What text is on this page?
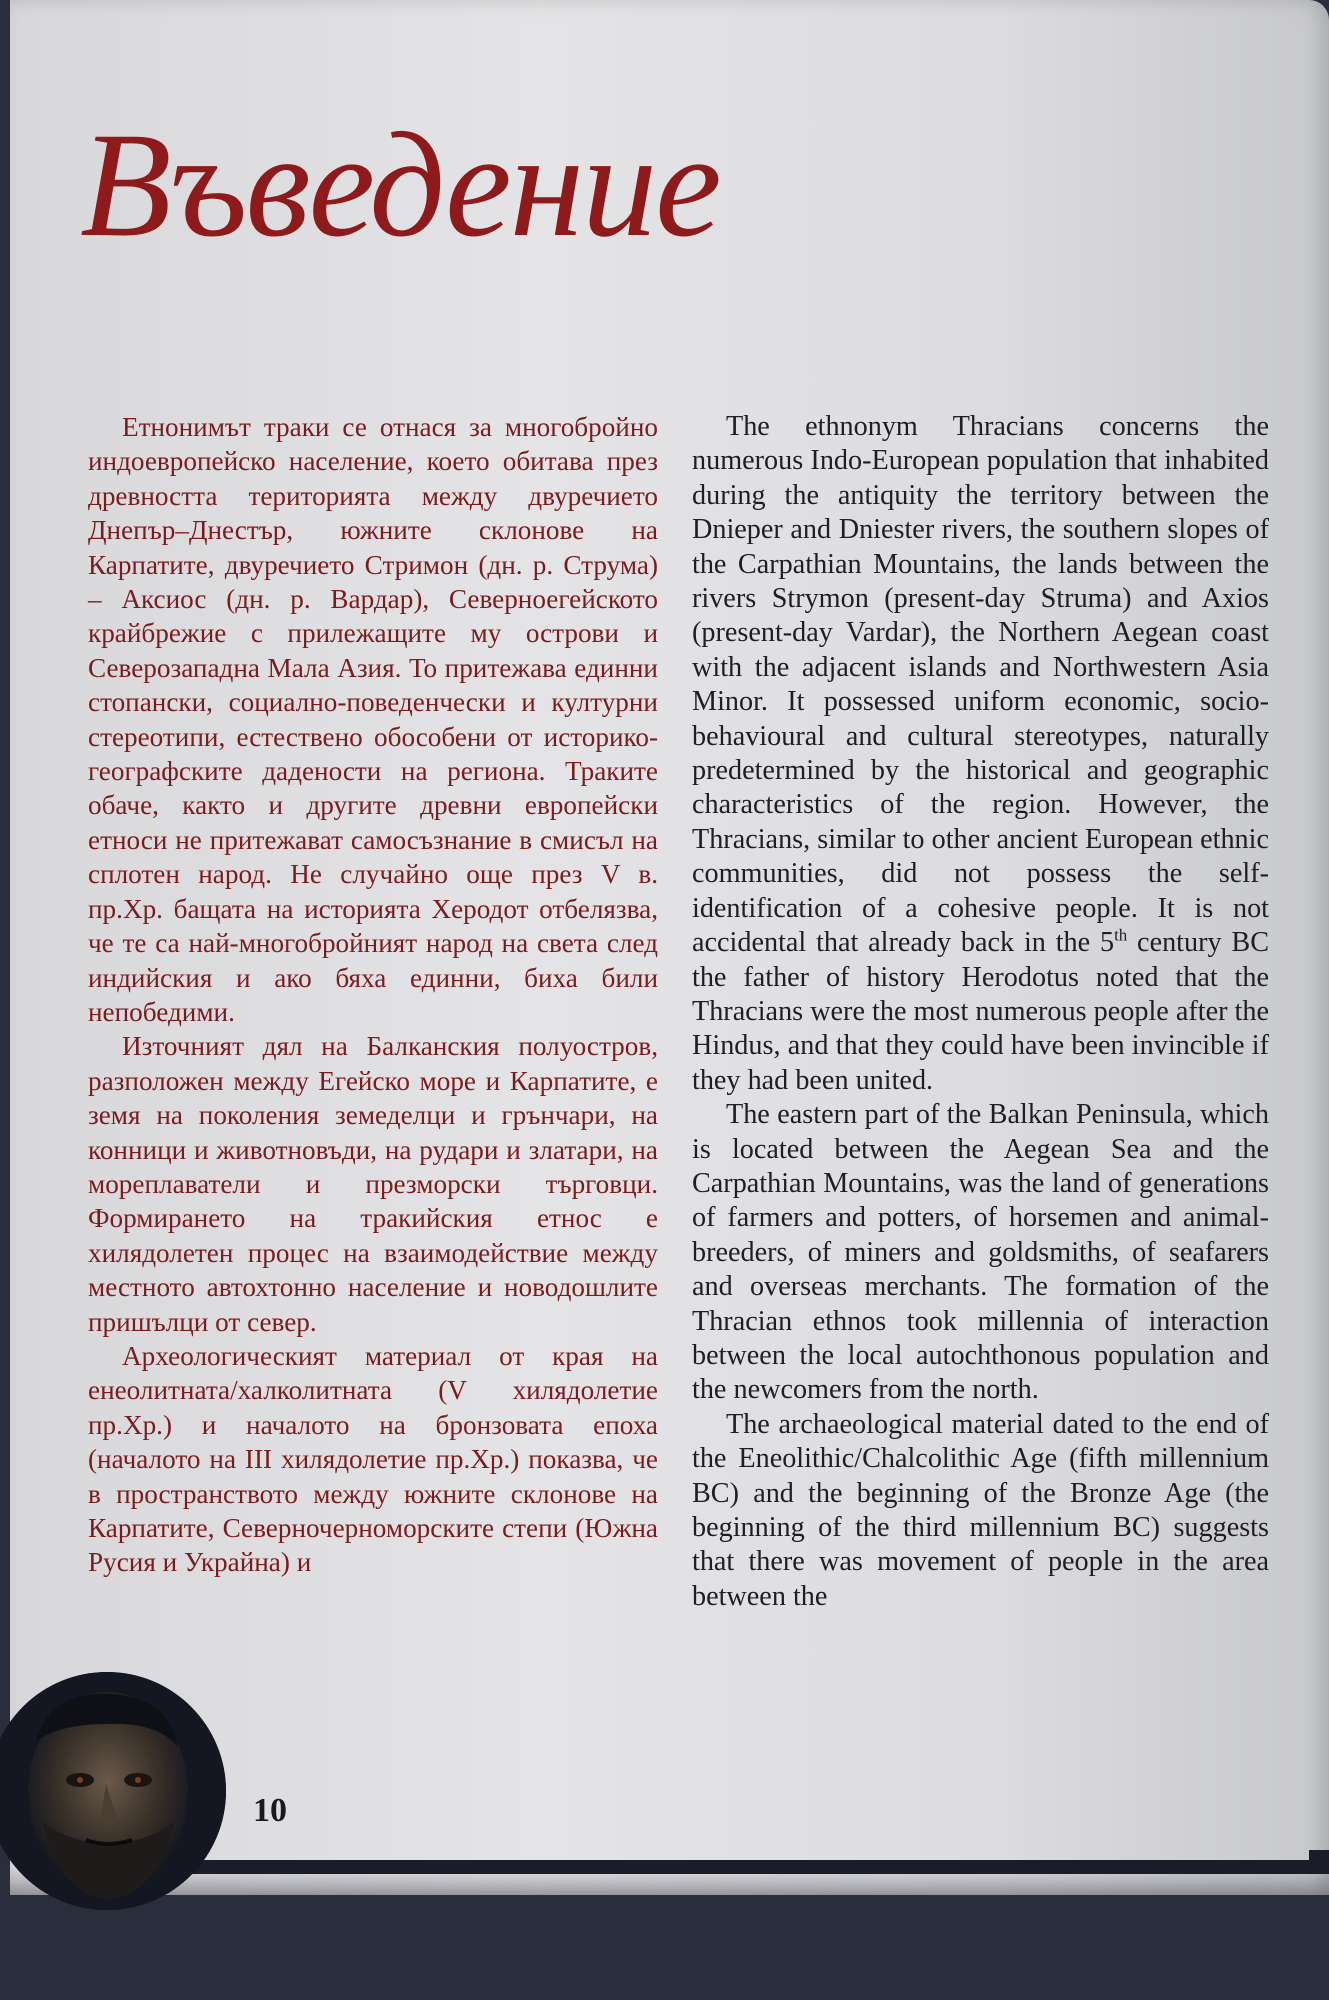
Въведение

Етнонимът траки се отнася за многобройно индоевропейско население, което обитава през древността територията между двуречието Днепър–Днестър, южните склонове на Карпатите, двуречието Стримон (дн. р. Струма) – Аксиос (дн. р. Вардар), Северноегейското крайбрежие с прилежащите му острови и Северозападна Мала Азия. То притежава единни стопански, социално-поведенчески и културни стереотипи, естествено обособени от историко-географските дадености на региона. Траките обаче, както и другите древни европейски етноси не притежават самосъзнание в смисъл на сплотен народ. Не случайно още през V в. пр.Хр. бащата на историята Херодот отбелязва, че те са най-многобройният народ на света след индийския и ако бяха единни, биха били непобедими.

Източният дял на Балканския полуостров, разположен между Егейско море и Карпатите, е земя на поколения земеделци и грънчари, на конници и животновъди, на рудари и златари, на мореплаватели и презморски търговци. Формирането на тракийския етнос е хилядолетен процес на взаимодействие между местното автохтонно население и новодошлите пришълци от север.

Археологическият материал от края на енеолитната/халколитната (V хилядолетие пр.Хр.) и началото на бронзовата епоха (началото на III хилядолетие пр.Хр.) показва, че в пространството между южните склонове на Карпатите, Северночерноморските степи (Южна Русия и Украйна) и

The ethnonym Thracians concerns the numerous Indo-European population that inhabited during the antiquity the territory between the Dnieper and Dniester rivers, the southern slopes of the Carpathian Mountains, the lands between the rivers Strymon (present-day Struma) and Axios (present-day Vardar), the Northern Aegean coast with the adjacent islands and Northwestern Asia Minor. It possessed uniform economic, socio-behavioural and cultural stereotypes, naturally predetermined by the historical and geographic characteristics of the region. However, the Thracians, similar to other ancient European ethnic communities, did not possess the self-identification of a cohesive people. It is not accidental that already back in the 5th century BC the father of history Herodotus noted that the Thracians were the most numerous people after the Hindus, and that they could have been invincible if they had been united.

The eastern part of the Balkan Peninsula, which is located between the Aegean Sea and the Carpathian Mountains, was the land of generations of farmers and potters, of horsemen and animal-breeders, of miners and goldsmiths, of seafarers and overseas merchants. The formation of the Thracian ethnos took millennia of interaction between the local autochthonous population and the newcomers from the north.

The archaeological material dated to the end of the Eneolithic/Chalcolithic Age (fifth millennium BC) and the beginning of the Bronze Age (the beginning of the third millennium BC) suggests that there was movement of people in the area between the

10
